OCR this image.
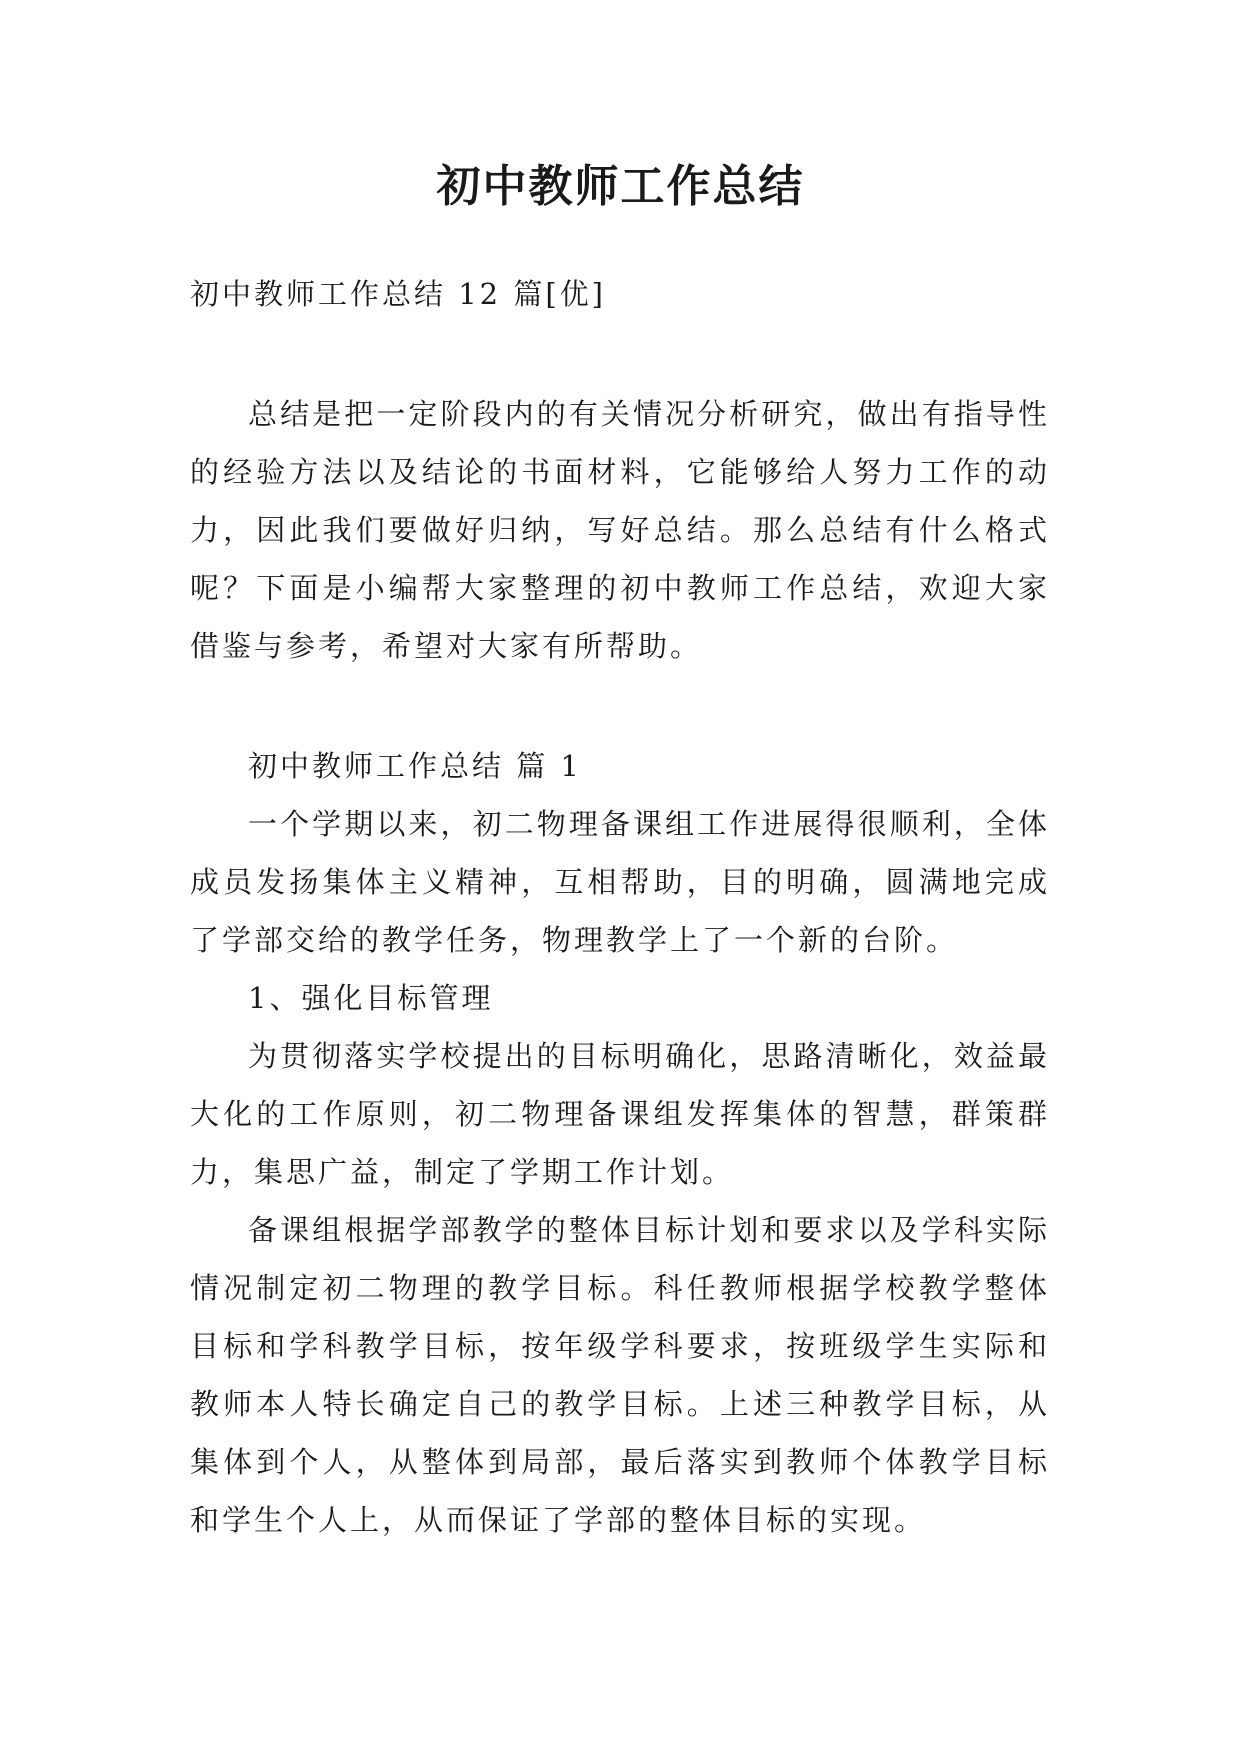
初中教师工作总结

初中教师工作总结 12 篇[优]

总结是把一定阶段内的有关情况分析研究，做出有指导性的经验方法以及结论的书面材料，它能够给人努力工作的动力，因此我们要做好归纳，写好总结。那么总结有什么格式呢？下面是小编帮大家整理的初中教师工作总结，欢迎大家借鉴与参考，希望对大家有所帮助。

初中教师工作总结 篇 1

一个学期以来，初二物理备课组工作进展得很顺利，全体成员发扬集体主义精神，互相帮助，目的明确，圆满地完成了学部交给的教学任务，物理教学上了一个新的台阶。

1、强化目标管理

为贯彻落实学校提出的目标明确化，思路清晰化，效益最大化的工作原则，初二物理备课组发挥集体的智慧，群策群力，集思广益，制定了学期工作计划。

备课组根据学部教学的整体目标计划和要求以及学科实际情况制定初二物理的教学目标。科任教师根据学校教学整体目标和学科教学目标，按年级学科要求，按班级学生实际和教师本人特长确定自己的教学目标。上述三种教学目标，从集体到个人，从整体到局部，最后落实到教师个体教学目标和学生个人上，从而保证了学部的整体目标的实现。
